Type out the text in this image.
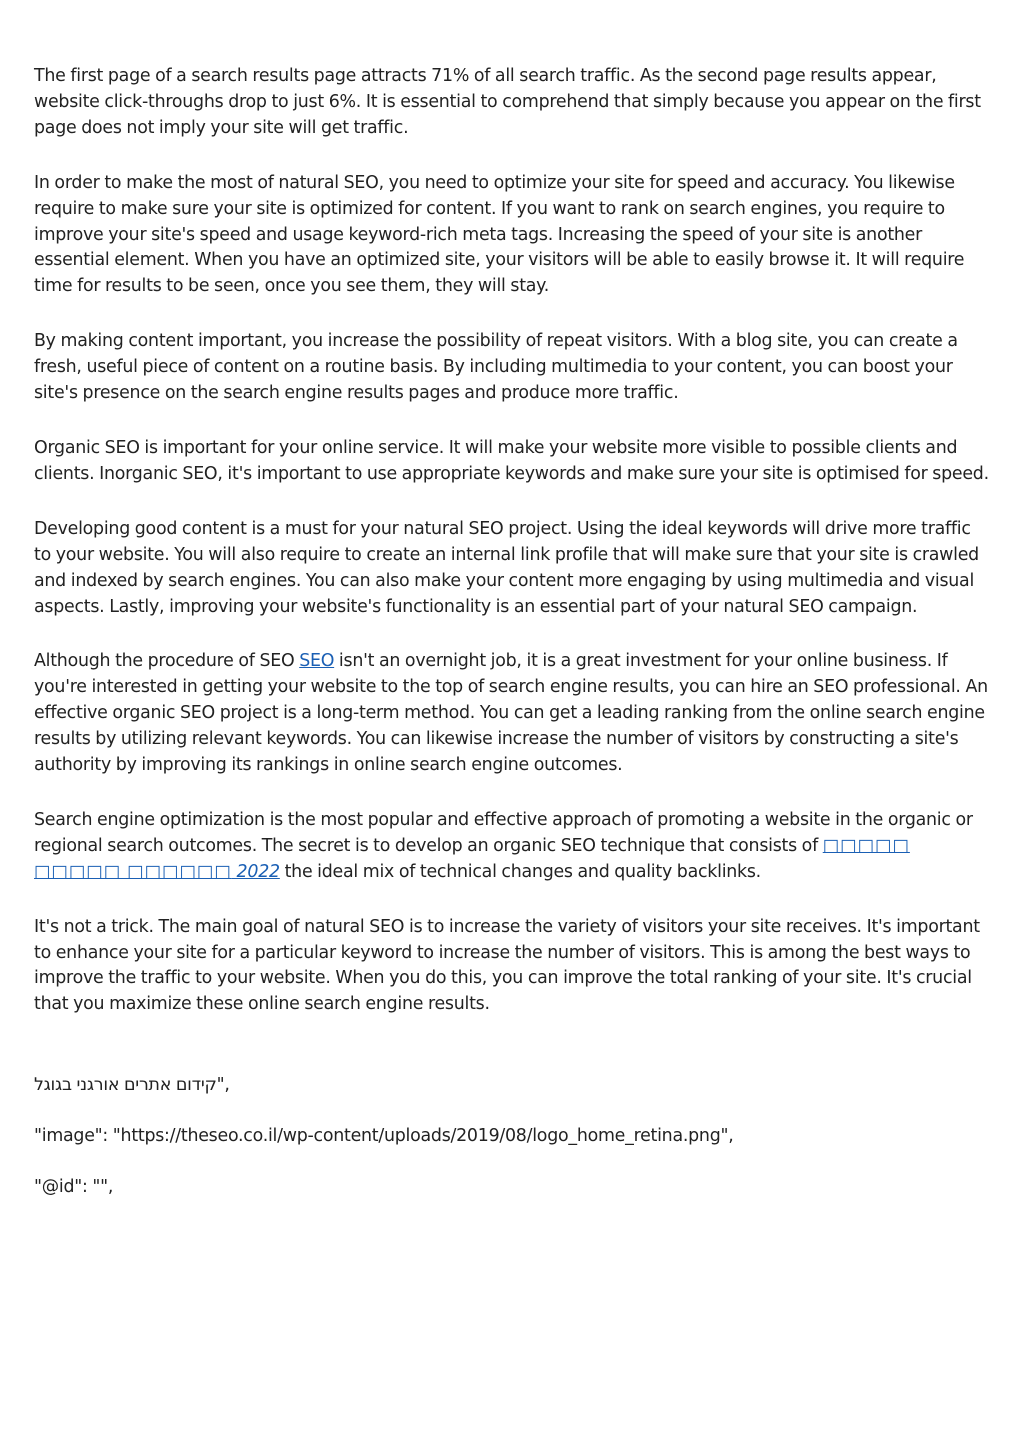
The first page of a search results page attracts 71% of all search traffic. As the second page results appear, website click-throughs drop to just 6%. It is essential to comprehend that simply because you appear on the first page does not imply your site will get traffic.

In order to make the most of natural SEO, you need to optimize your site for speed and accuracy. You likewise require to make sure your site is optimized for content. If you want to rank on search engines, you require to improve your site's speed and usage keyword-rich meta tags. Increasing the speed of your site is another essential element. When you have an optimized site, your visitors will be able to easily browse it. It will require time for results to be seen, once you see them, they will stay.

By making content important, you increase the possibility of repeat visitors. With a blog site, you can create a fresh, useful piece of content on a routine basis. By including multimedia to your content, you can boost your site's presence on the search engine results pages and produce more traffic.

Organic SEO is important for your online service. It will make your website more visible to possible clients and clients. Inorganic SEO, it's important to use appropriate keywords and make sure your site is optimised for speed.

Developing good content is a must for your natural SEO project. Using the ideal keywords will drive more traffic to your website. You will also require to create an internal link profile that will make sure that your site is crawled and indexed by search engines. You can also make your content more engaging by using multimedia and visual aspects. Lastly, improving your website's functionality is an essential part of your natural SEO campaign.

Although the procedure of SEO SEO isn't an overnight job, it is a great investment for your online business. If you're interested in getting your website to the top of search engine results, you can hire an SEO professional. An effective organic SEO project is a long-term method. You can get a leading ranking from the online search engine results by utilizing relevant keywords. You can likewise increase the number of visitors by constructing a site's authority by improving its rankings in online search engine outcomes.

Search engine optimization is the most popular and effective approach of promoting a website in the organic or regional search outcomes. The secret is to develop an organic SEO technique that consists of □□□□□ □□□□□ □□□□□□ 2022 the ideal mix of technical changes and quality backlinks.

It's not a trick. The main goal of natural SEO is to increase the variety of visitors your site receives. It's important to enhance your site for a particular keyword to increase the number of visitors. This is among the best ways to improve the traffic to your website. When you do this, you can improve the total ranking of your site. It's crucial that you maximize these online search engine results.

קידום אתרים אורגני בגוגל",

"image": "https://theseo.co.il/wp-content/uploads/2019/08/logo_home_retina.png",

"@id": "",
